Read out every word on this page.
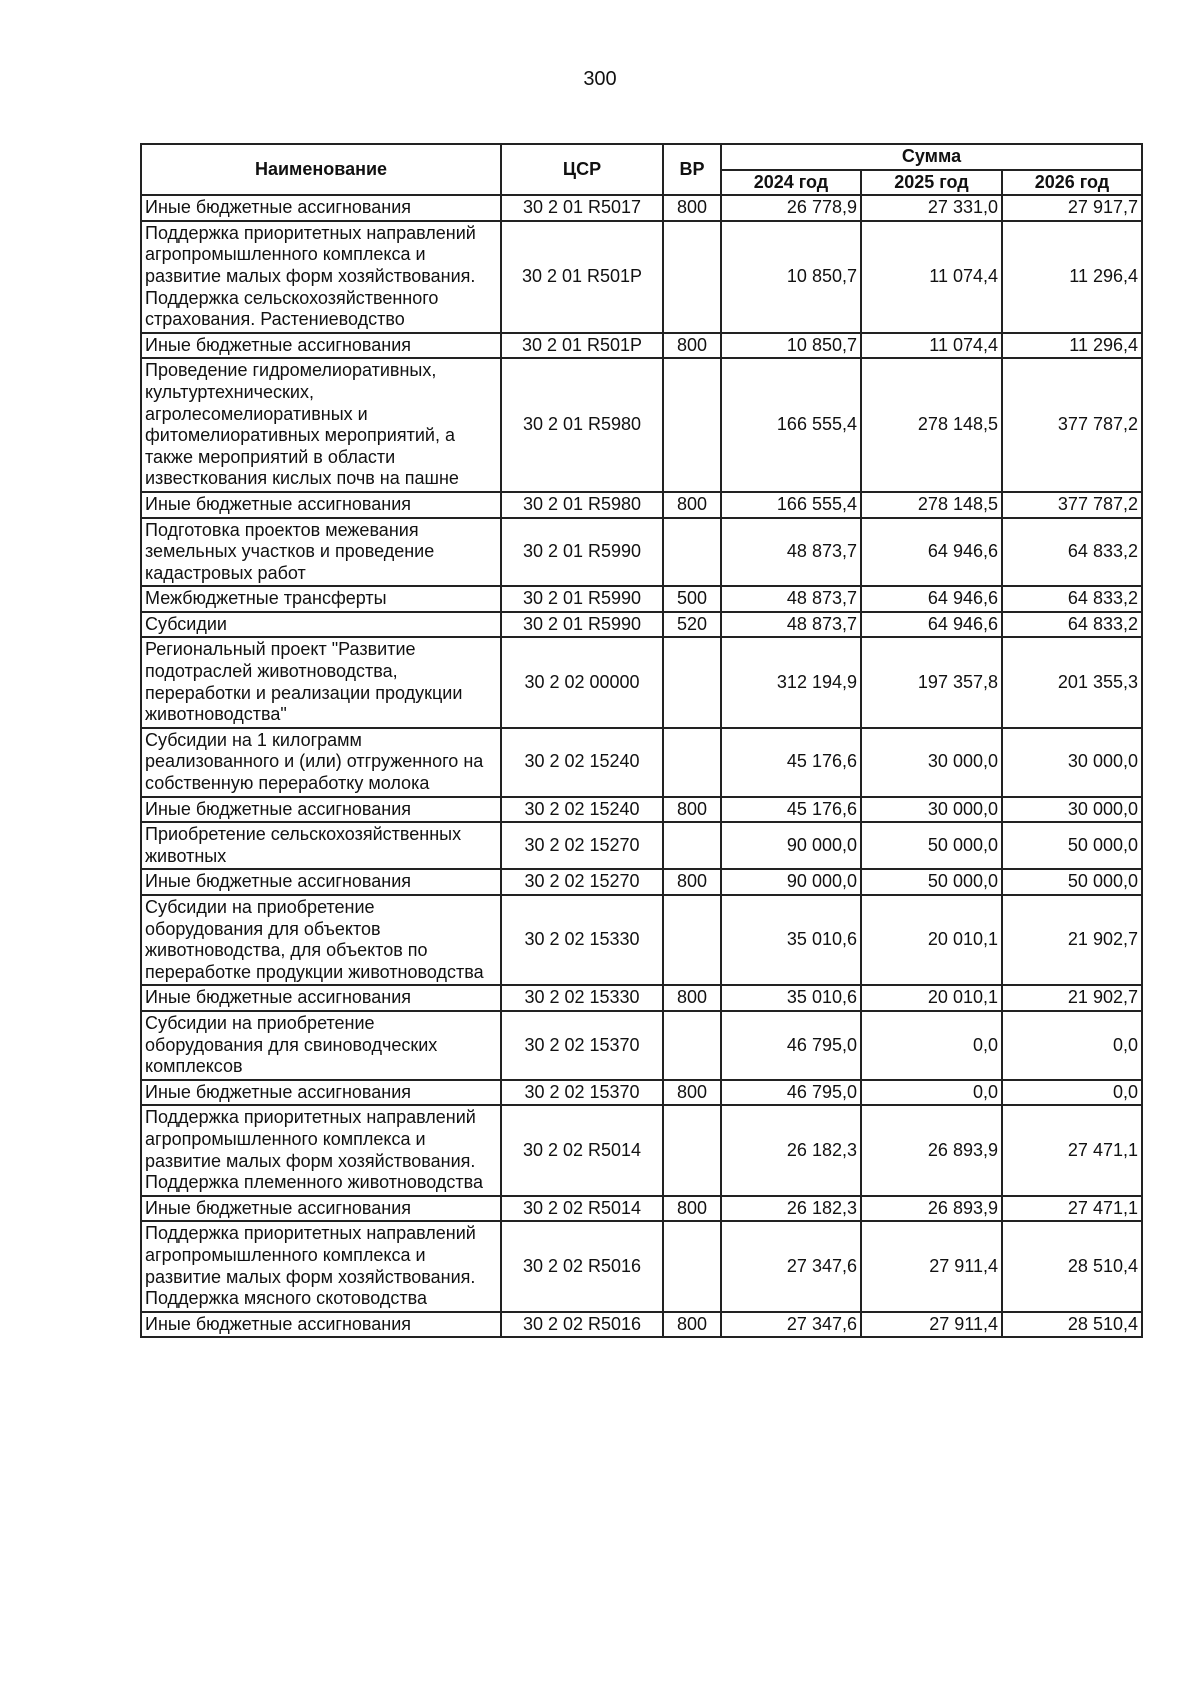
300
Наименование	ЦСР	ВР	Сумма		
			2024 год	2025 год	2026 год
Иные бюджетные ассигнования	30 2 01 R5017	800	26 778,9	27 331,0	27 917,7
Поддержка приоритетных направлений агропромышленного комплекса и развитие малых форм хозяйствования. Поддержка сельскохозяйственного страхования. Растениеводство	30 2 01 R501P		10 850,7	11 074,4	11 296,4
Иные бюджетные ассигнования	30 2 01 R501P	800	10 850,7	11 074,4	11 296,4
Проведение гидромелиоративных, культуртехнических, агролесомелиоративных и фитомелиоративных мероприятий, а также мероприятий в области известкования кислых почв на пашне	30 2 01 R5980		166 555,4	278 148,5	377 787,2
Иные бюджетные ассигнования	30 2 01 R5980	800	166 555,4	278 148,5	377 787,2
Подготовка проектов межевания земельных участков и проведение кадастровых работ	30 2 01 R5990		48 873,7	64 946,6	64 833,2
Межбюджетные трансферты	30 2 01 R5990	500	48 873,7	64 946,6	64 833,2
Субсидии	30 2 01 R5990	520	48 873,7	64 946,6	64 833,2
Региональный проект "Развитие подотраслей животноводства, переработки и реализации продукции животноводства"	30 2 02 00000		312 194,9	197 357,8	201 355,3
Субсидии на 1 килограмм реализованного и (или) отгруженного на собственную переработку молока	30 2 02 15240		45 176,6	30 000,0	30 000,0
Иные бюджетные ассигнования	30 2 02 15240	800	45 176,6	30 000,0	30 000,0
Приобретение сельскохозяйственных животных	30 2 02 15270		90 000,0	50 000,0	50 000,0
Иные бюджетные ассигнования	30 2 02 15270	800	90 000,0	50 000,0	50 000,0
Субсидии на приобретение оборудования для объектов животноводства, для объектов по переработке продукции животноводства	30 2 02 15330		35 010,6	20 010,1	21 902,7
Иные бюджетные ассигнования	30 2 02 15330	800	35 010,6	20 010,1	21 902,7
Субсидии на приобретение оборудования для свиноводческих комплексов	30 2 02 15370		46 795,0	0,0	0,0
Иные бюджетные ассигнования	30 2 02 15370	800	46 795,0	0,0	0,0
Поддержка приоритетных направлений агропромышленного комплекса и развитие малых форм хозяйствования. Поддержка племенного животноводства	30 2 02 R5014		26 182,3	26 893,9	27 471,1
Иные бюджетные ассигнования	30 2 02 R5014	800	26 182,3	26 893,9	27 471,1
Поддержка приоритетных направлений агропромышленного комплекса и развитие малых форм хозяйствования. Поддержка мясного скотоводства	30 2 02 R5016		27 347,6	27 911,4	28 510,4
Иные бюджетные ассигнования	30 2 02 R5016	800	27 347,6	27 911,4	28 510,4
